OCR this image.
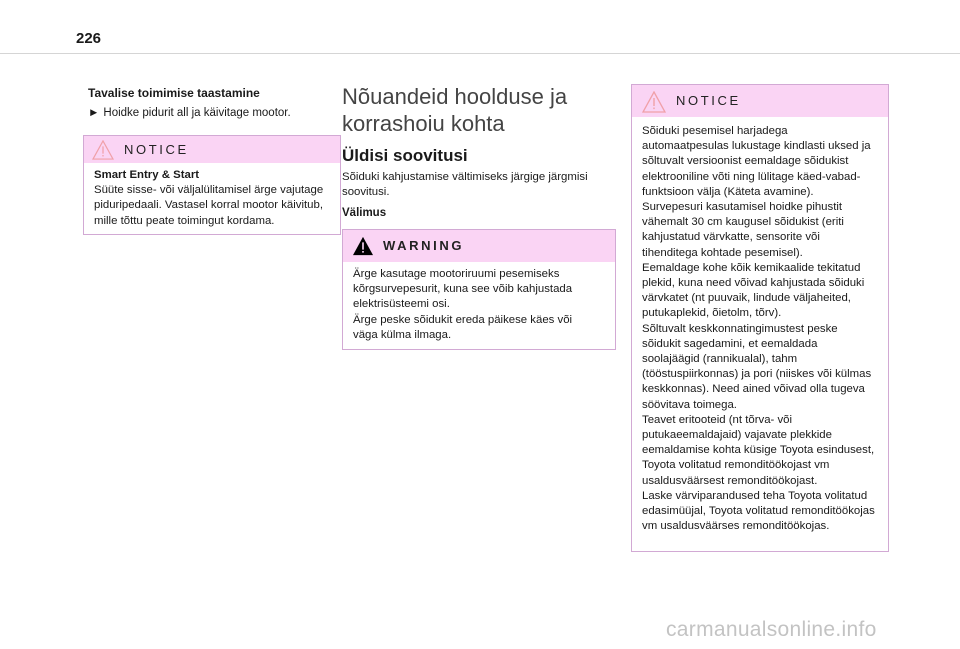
226
Tavalise toimimise taastamine
► Hoidke pidurit all ja käivitage mootor.
NOTICE
Smart Entry & Start
Süüte sisse- või väljalülitamisel ärge vajutage
piduripedaali. Vastasel korral mootor käivitub,
mille tõttu peate toimingut kordama.
Nõuandeid hoolduse ja
korrashoiu kohta
Üldisi soovitusi
Sõiduki kahjustamise vältimiseks järgige järgmisi
soovitusi.
Välimus
WARNING
Ärge kasutage mootoriruumi pesemiseks
kõrgsurvepesurit, kuna see võib kahjustada
elektrisüsteemi osi.
Ärge peske sõidukit ereda päikese käes või
väga külma ilmaga.
NOTICE
Sõiduki pesemisel harjadega
automaatpesulas lukustage kindlasti uksed ja
sõltuvalt versioonist eemaldage sõidukist
elektrooniline võti ning lülitage käed-vabad-
funktsioon välja (Käteta avamine).
Survepesuri kasutamisel hoidke pihustit
vähemalt 30 cm kaugusel sõidukist (eriti
kahjustatud värvkatte, sensorite või
tihenditega kohtade pesemisel).
Eemaldage kohe kõik kemikaalide tekitatud
plekid, kuna need võivad kahjustada sõiduki
värvkatet (nt puuvaik, lindude väljaheited,
putukaplekid, õietolm, tõrv).
Sõltuvalt keskkonnatingimustest peske
sõidukit sagedamini, et eemaldada
soolajäägid (rannikualal), tahm
(tööstuspiirkonnas) ja pori (niiskes või külmas
keskkonnas). Need ained võivad olla tugeva
söövitava toimega.
Teavet eritooteid (nt tõrva- või
putukaeemaldajaid) vajavate plekkide
eemaldamise kohta küsige Toyota esindusest,
Toyota volitatud remonditöökojast vm
usaldusväärsest remonditöökojast.
Laske värviparandused teha Toyota volitatud
edasimüüjal, Toyota volitatud remonditöökojas
vm usaldusväärses remonditöökojas.
carmanualsonline.info
